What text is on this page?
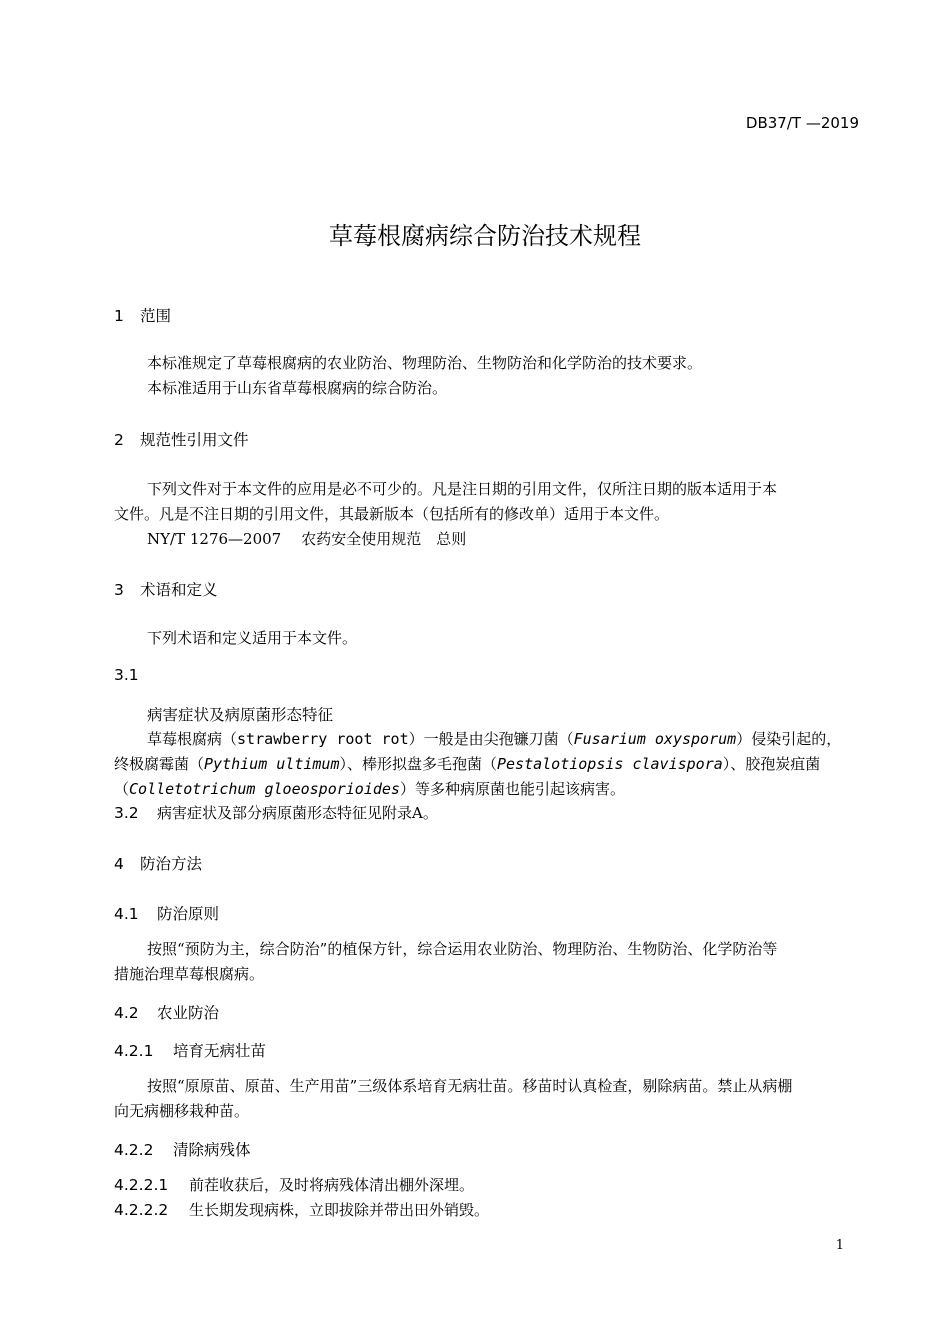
DB37/T —2019
草莓根腐病综合防治技术规程
1 范围
本标准规定了草莓根腐病的农业防治、物理防治、生物防治和化学防治的技术要求。
本标准适用于山东省草莓根腐病的综合防治。
2 规范性引用文件
下列文件对于本文件的应用是必不可少的。凡是注日期的引用文件，仅所注日期的版本适用于本
文件。凡是不注日期的引用文件，其最新版本（包括所有的修改单）适用于本文件。
NY/T 1276—2007 农药安全使用规范　总则
3 术语和定义
下列术语和定义适用于本文件。
3.1
病害症状及病原菌形态特征
草莓根腐病（strawberry root rot）一般是由尖孢镰刀菌（Fusarium oxysporum）侵染引起的，
终极腐霉菌（Pythium ultimum）、棒形拟盘多毛孢菌（Pestalotiopsis clavispora）、胶孢炭疽菌
（Colletotrichum gloeosporioides）等多种病原菌也能引起该病害。
3.2 病害症状及部分病原菌形态特征见附录A。
4 防治方法
4.1 防治原则
按照“预防为主，综合防治”的植保方针，综合运用农业防治、物理防治、生物防治、化学防治等
措施治理草莓根腐病。
4.2 农业防治
4.2.1 培育无病壮苗
按照“原原苗、原苗、生产用苗”三级体系培育无病壮苗。移苗时认真检查，剔除病苗。禁止从病棚
向无病棚移栽种苗。
4.2.2 清除病残体
4.2.2.1 前茬收获后，及时将病残体清出棚外深埋。
4.2.2.2 生长期发现病株，立即拔除并带出田外销毁。
1
